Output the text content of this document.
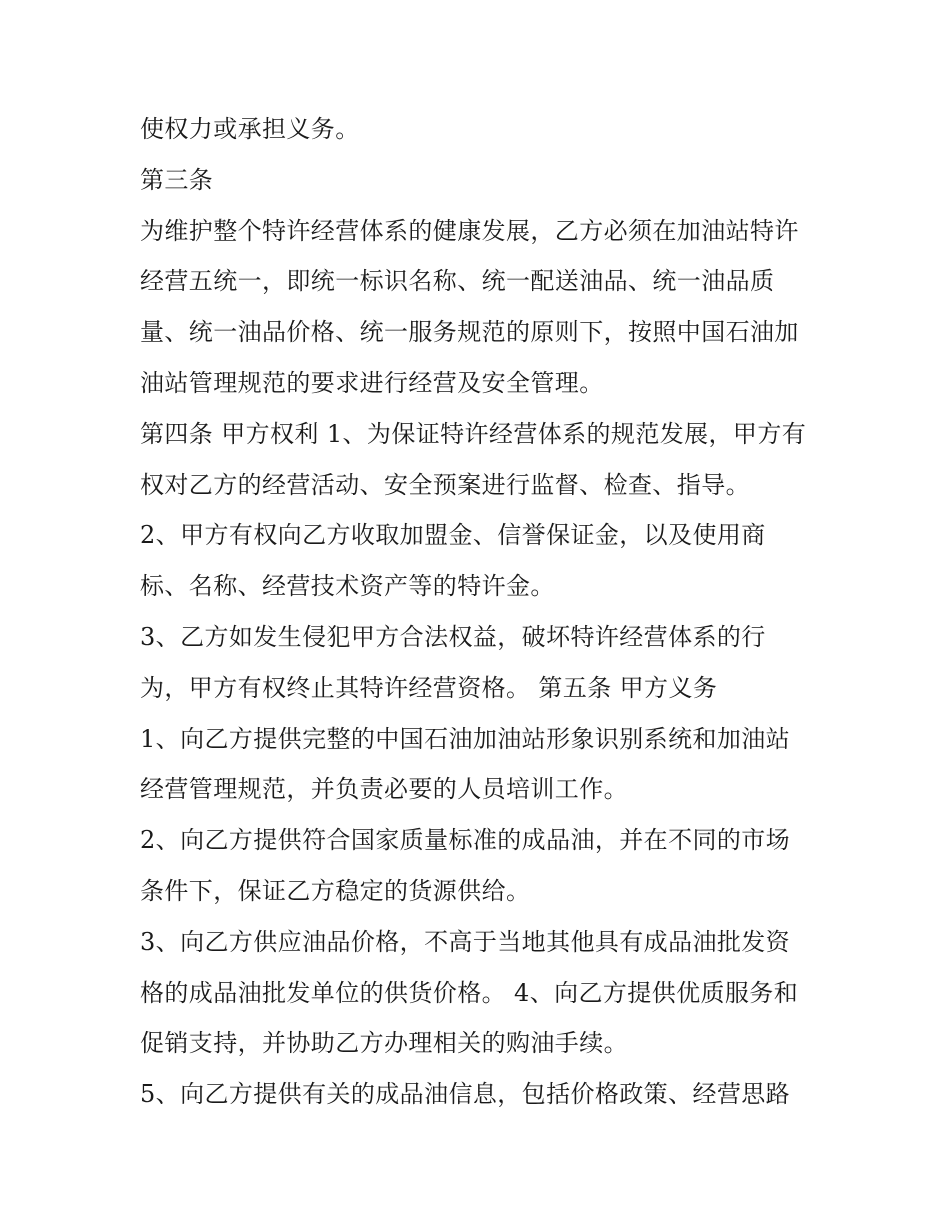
使权力或承担义务。
第三条
为维护整个特许经营体系的健康发展，乙方必须在加油站特许
经营五统一，即统一标识名称、统一配送油品、统一油品质
量、统一油品价格、统一服务规范的原则下，按照中国石油加
油站管理规范的要求进行经营及安全管理。
第四条 甲方权利 1、为保证特许经营体系的规范发展，甲方有
权对乙方的经营活动、安全预案进行监督、检查、指导。
2、甲方有权向乙方收取加盟金、信誉保证金，以及使用商
标、名称、经营技术资产等的特许金。
3、乙方如发生侵犯甲方合法权益，破坏特许经营体系的行
为，甲方有权终止其特许经营资格。 第五条 甲方义务
1、向乙方提供完整的中国石油加油站形象识别系统和加油站
经营管理规范，并负责必要的人员培训工作。
2、向乙方提供符合国家质量标准的成品油，并在不同的市场
条件下，保证乙方稳定的货源供给。
3、向乙方供应油品价格，不高于当地其他具有成品油批发资
格的成品油批发单位的供货价格。 4、向乙方提供优质服务和
促销支持，并协助乙方办理相关的购油手续。
5、向乙方提供有关的成品油信息，包括价格政策、经营思路
